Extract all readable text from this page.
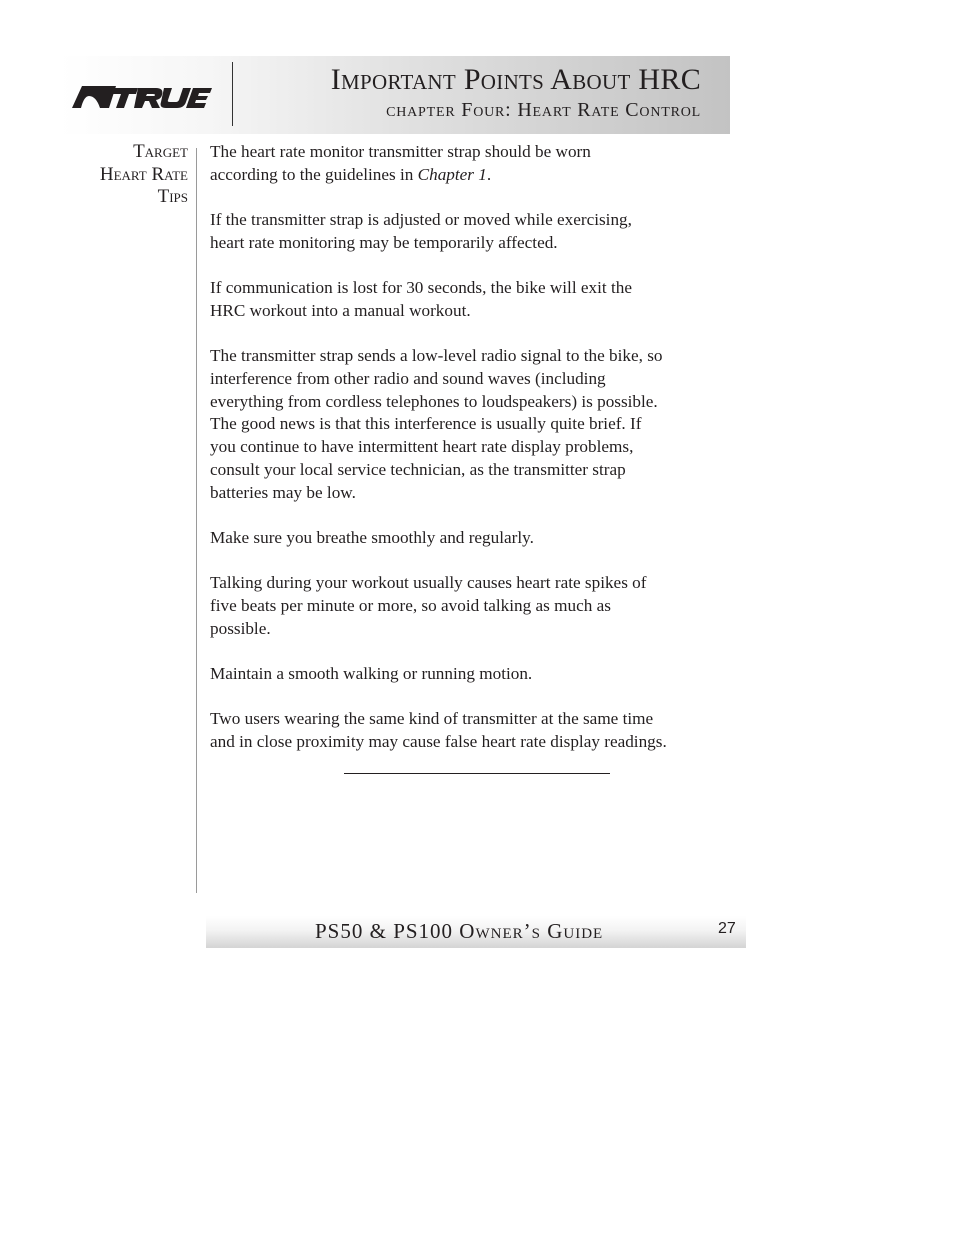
Important Points About HRC
chapter Four: Heart Rate Control
Target
Heart Rate
Tips

The heart rate monitor transmitter strap should be worn
according to the guidelines in Chapter 1.

If the transmitter strap is adjusted or moved while exercising,
heart rate monitoring may be temporarily affected.

If communication is lost for 30 seconds, the bike will exit the
HRC workout into a manual workout.

The transmitter strap sends a low-level radio signal to the bike, so
interference from other radio and sound waves (including
everything from cordless telephones to loudspeakers) is possible.
The good news is that this interference is usually quite brief. If
you continue to have intermittent heart rate display problems,
consult your local service technician, as the transmitter strap
batteries may be low.

Make sure you breathe smoothly and regularly.

Talking during your workout usually causes heart rate spikes of
five beats per minute or more, so avoid talking as much as
possible.

Maintain a smooth walking or running motion.

Two users wearing the same kind of transmitter at the same time
and in close proximity may cause false heart rate display readings.

PS50 & PS100 Owner’s Guide	27
